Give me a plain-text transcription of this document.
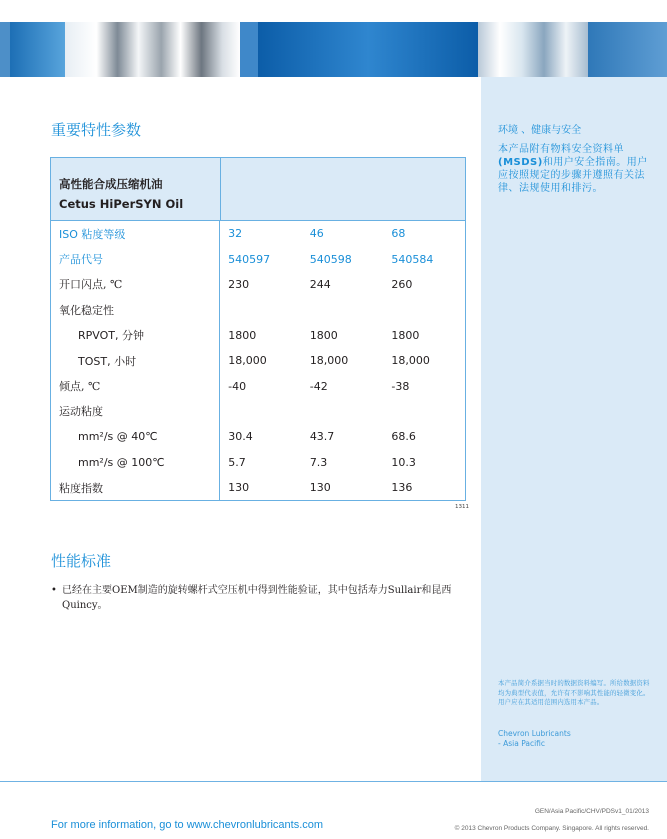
环境 、健康与安全
本产品附有物料安全资料单(MSDS)和用户安全指南。用户应按照规定的步骤并遵照有关法律、法规使用和排污。
本产品简介系据当时的数据资料编写。所给数据资料均为典型代表值，允许有不影响其性能的轻微变化。用户应在其适用范围内选用本产品。
Chevron Lubricants
- Asia Pacific
重要特性参数
高性能合成压缩机油
Cetus HiPerSYN Oil
ISO 粘度等级	32	46	68
产品代号	540597	540598	540584
开口闪点, ℃	230	244	260
氧化稳定性
RPVOT, 分钟	1800	1800	1800
TOST, 小时	18,000	18,000	18,000
倾点, ℃	-40	-42	-38
运动粘度
mm²/s @ 40℃	30.4	43.7	68.6
mm²/s @ 100℃	5.7	7.3	10.3
粘度指数	130	130	136
1311
性能标准
• 已经在主要OEM制造的旋转螺杆式空压机中得到性能验证，其中包括寿力Sullair和昆西Quincy。
GEN/Asia Pacific/CHV/PDSv1_01/2013
For more information, go to www.chevronlubricants.com	© 2013 Chevron Products Company. Singapore. All rights reserved.
